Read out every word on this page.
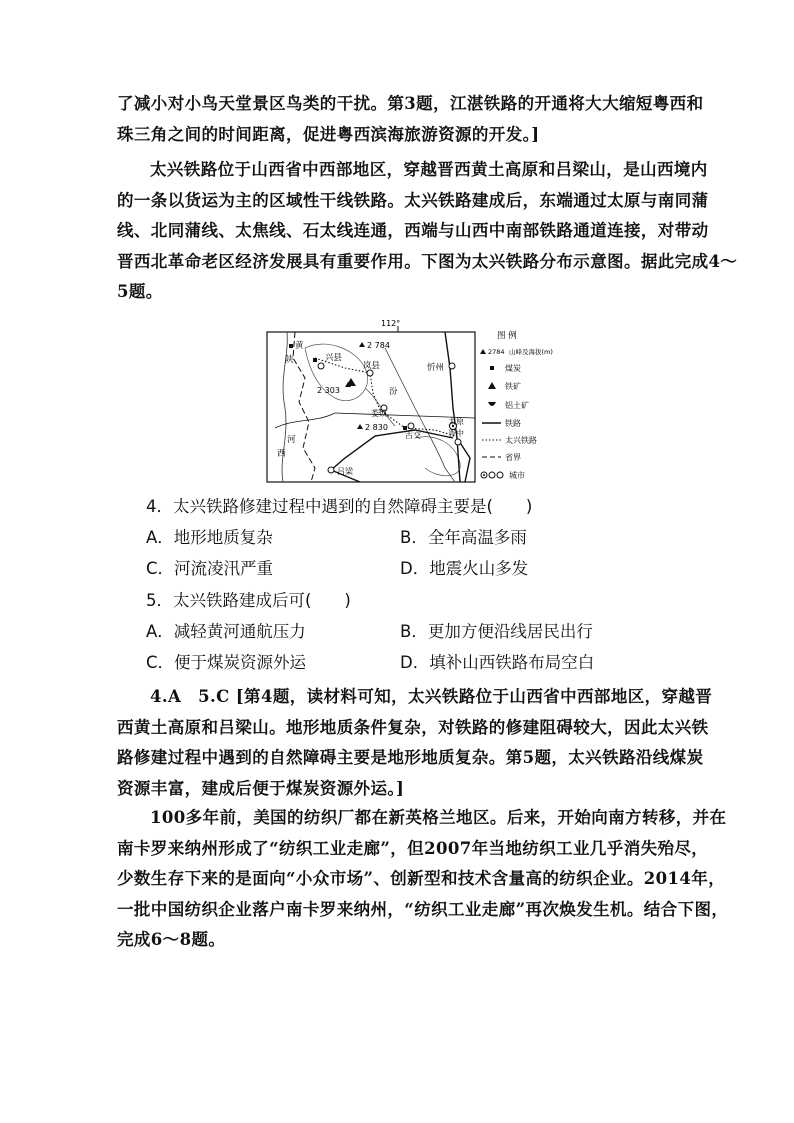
了减小对小鸟天堂景区鸟类的干扰。第3题，江湛铁路的开通将大大缩短粤西和
珠三角之间的时间距离，促进粤西滨海旅游资源的开发。]
太兴铁路位于山西省中西部地区，穿越晋西黄土高原和吕梁山，是山西境内
的一条以货运为主的区域性干线铁路。太兴铁路建成后，东端通过太原与南同蒲
线、北同蒲线、太焦线、石太线连通，西端与山西中南部铁路通道连接，对带动
晋西北革命老区经济发展具有重要作用。下图为太兴铁路分布示意图。据此完成4～
5题。
112°
陕
黄
兴县
2 784
岚县
2 303	汾
忻州
娄烦
2 830
古交
太原
晋中
西
河
吕梁
图 例
2784 山峰及海拔(m)
煤炭
铁矿
铝土矿
铁路
太兴铁路
省界
城市
4．太兴铁路修建过程中遇到的自然障碍主要是(　　)
A．地形地质复杂	B．全年高温多雨
C．河流凌汛严重	D．地震火山多发
5．太兴铁路建成后可(　　)
A．减轻黄河通航压力	B．更加方便沿线居民出行
C．便于煤炭资源外运	D．填补山西铁路布局空白
4.A　5.C [第4题，读材料可知，太兴铁路位于山西省中西部地区，穿越晋
西黄土高原和吕梁山。地形地质条件复杂，对铁路的修建阻碍较大，因此太兴铁
路修建过程中遇到的自然障碍主要是地形地质复杂。第5题，太兴铁路沿线煤炭
资源丰富，建成后便于煤炭资源外运。]
100多年前，美国的纺织厂都在新英格兰地区。后来，开始向南方转移，并在
南卡罗来纳州形成了“纺织工业走廊”，但2007年当地纺织工业几乎消失殆尽，
少数生存下来的是面向“小众市场”、创新型和技术含量高的纺织企业。2014年，
一批中国纺织企业落户南卡罗来纳州，“纺织工业走廊”再次焕发生机。结合下图，
完成6～8题。
